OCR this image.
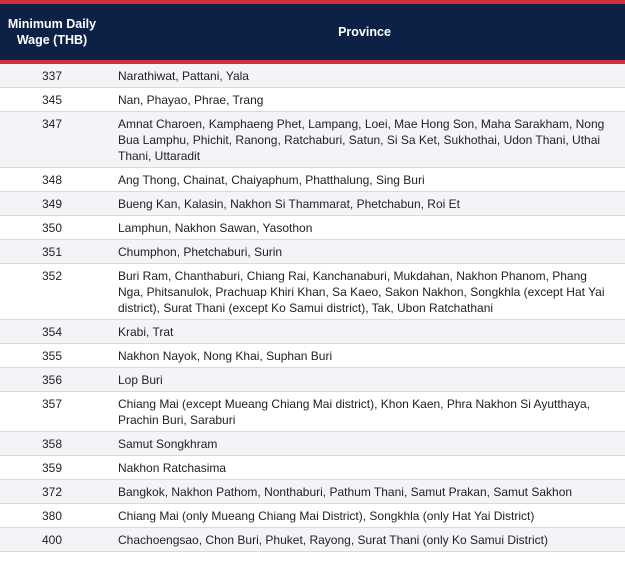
Minimum Daily Wage (THB)	Province
337	Narathiwat, Pattani, Yala
345	Nan, Phayao, Phrae, Trang
347	Amnat Charoen, Kamphaeng Phet, Lampang, Loei, Mae Hong Son, Maha Sarakham, Nong Bua Lamphu, Phichit, Ranong, Ratchaburi, Satun, Si Sa Ket, Sukhothai, Udon Thani, Uthai Thani, Uttaradit
348	Ang Thong, Chainat, Chaiyaphum, Phatthalung, Sing Buri
349	Bueng Kan, Kalasin, Nakhon Si Thammarat, Phetchabun, Roi Et
350	Lamphun, Nakhon Sawan, Yasothon
351	Chumphon, Phetchaburi, Surin
352	Buri Ram, Chanthaburi, Chiang Rai, Kanchanaburi, Mukdahan, Nakhon Phanom, Phang Nga, Phitsanulok, Prachuap Khiri Khan, Sa Kaeo, Sakon Nakhon, Songkhla (except Hat Yai district), Surat Thani (except Ko Samui district), Tak, Ubon Ratchathani
354	Krabi, Trat
355	Nakhon Nayok, Nong Khai, Suphan Buri
356	Lop Buri
357	Chiang Mai (except Mueang Chiang Mai district), Khon Kaen, Phra Nakhon Si Ayutthaya, Prachin Buri, Saraburi
358	Samut Songkhram
359	Nakhon Ratchasima
372	Bangkok, Nakhon Pathom, Nonthaburi, Pathum Thani, Samut Prakan, Samut Sakhon
380	Chiang Mai (only Mueang Chiang Mai District), Songkhla (only Hat Yai District)
400	Chachoengsao, Chon Buri, Phuket, Rayong, Surat Thani (only Ko Samui District)
